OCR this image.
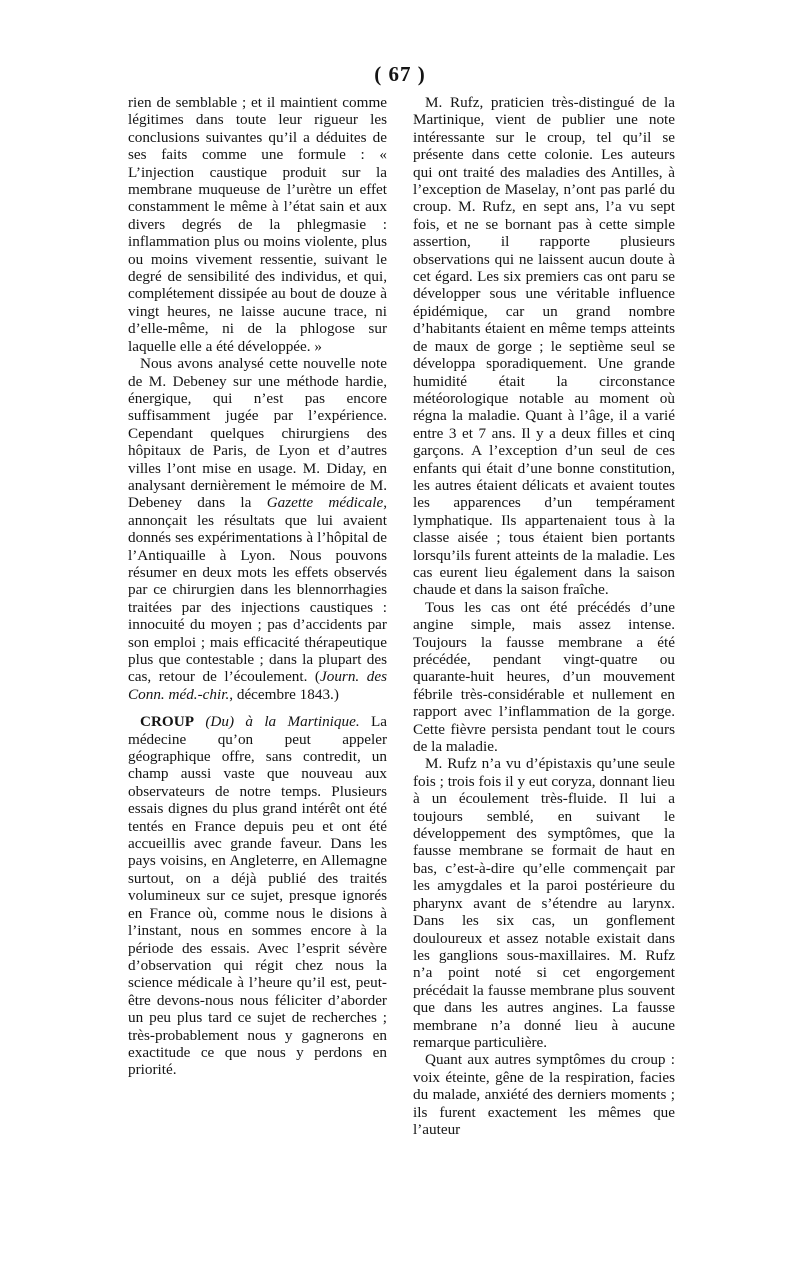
( 67 )

rien de semblable ; et il maintient comme légitimes dans toute leur rigueur les conclusions suivantes qu’il a déduites de ses faits comme une formule : « L’injection caustique produit sur la membrane muqueuse de l’urètre un effet constamment le même à l’état sain et aux divers degrés de la phlegmasie : inflammation plus ou moins violente, plus ou moins vivement ressentie, suivant le degré de sensibilité des individus, et qui, complétement dissipée au bout de douze à vingt heures, ne laisse aucune trace, ni d’elle-même, ni de la phlogose sur laquelle elle a été développée. »

Nous avons analysé cette nouvelle note de M. Debeney sur une méthode hardie, énergique, qui n’est pas encore suffisamment jugée par l’expérience. Cependant quelques chirurgiens des hôpitaux de Paris, de Lyon et d’autres villes l’ont mise en usage. M. Diday, en analysant dernièrement le mémoire de M. Debeney dans la Gazette médicale, annonçait les résultats que lui avaient donnés ses expérimentations à l’hôpital de l’Antiquaille à Lyon. Nous pouvons résumer en deux mots les effets observés par ce chirurgien dans les blennorrhagies traitées par des injections caustiques : innocuité du moyen ; pas d’accidents par son emploi ; mais efficacité thérapeutique plus que contestable ; dans la plupart des cas, retour de l’écoulement. (Journ. des Conn. méd.-chir., décembre 1843.)

CROUP (Du) à la Martinique. La médecine qu’on peut appeler géographique offre, sans contredit, un champ aussi vaste que nouveau aux observateurs de notre temps. Plusieurs essais dignes du plus grand intérêt ont été tentés en France depuis peu et ont été accueillis avec grande faveur. Dans les pays voisins, en Angleterre, en Allemagne surtout, on a déjà publié des traités volumineux sur ce sujet, presque ignorés en France où, comme nous le disions à l’instant, nous en sommes encore à la période des essais. Avec l’esprit sévère d’observation qui régit chez nous la science médicale à l’heure qu’il est, peut-être devons-nous nous féliciter d’aborder un peu plus tard ce sujet de recherches ; très-probablement nous y gagnerons en exactitude ce que nous y perdons en priorité.

M. Rufz, praticien très-distingué de la Martinique, vient de publier une note intéressante sur le croup, tel qu’il se présente dans cette colonie. Les auteurs qui ont traité des maladies des Antilles, à l’exception de Maselay, n’ont pas parlé du croup. M. Rufz, en sept ans, l’a vu sept fois, et ne se bornant pas à cette simple assertion, il rapporte plusieurs observations qui ne laissent aucun doute à cet égard. Les six premiers cas ont paru se développer sous une véritable influence épidémique, car un grand nombre d’habitants étaient en même temps atteints de maux de gorge ; le septième seul se développa sporadiquement. Une grande humidité était la circonstance météorologique notable au moment où régna la maladie. Quant à l’âge, il a varié entre 3 et 7 ans. Il y a deux filles et cinq garçons. A l’exception d’un seul de ces enfants qui était d’une bonne constitution, les autres étaient délicats et avaient toutes les apparences d’un tempérament lymphatique. Ils appartenaient tous à la classe aisée ; tous étaient bien portants lorsqu’ils furent atteints de la maladie. Les cas eurent lieu également dans la saison chaude et dans la saison fraîche.

Tous les cas ont été précédés d’une angine simple, mais assez intense. Toujours la fausse membrane a été précédée, pendant vingt-quatre ou quarante-huit heures, d’un mouvement fébrile très-considérable et nullement en rapport avec l’inflammation de la gorge. Cette fièvre persista pendant tout le cours de la maladie.

M. Rufz n’a vu d’épistaxis qu’une seule fois ; trois fois il y eut coryza, donnant lieu à un écoulement très-fluide. Il lui a toujours semblé, en suivant le développement des symptômes, que la fausse membrane se formait de haut en bas, c’est-à-dire qu’elle commençait par les amygdales et la paroi postérieure du pharynx avant de s’étendre au larynx. Dans les six cas, un gonflement douloureux et assez notable existait dans les ganglions sous-maxillaires. M. Rufz n’a point noté si cet engorgement précédait la fausse membrane plus souvent que dans les autres angines. La fausse membrane n’a donné lieu à aucune remarque particulière.

Quant aux autres symptômes du croup : voix éteinte, gêne de la respiration, facies du malade, anxiété des derniers moments ; ils furent exactement les mêmes que l’auteur
